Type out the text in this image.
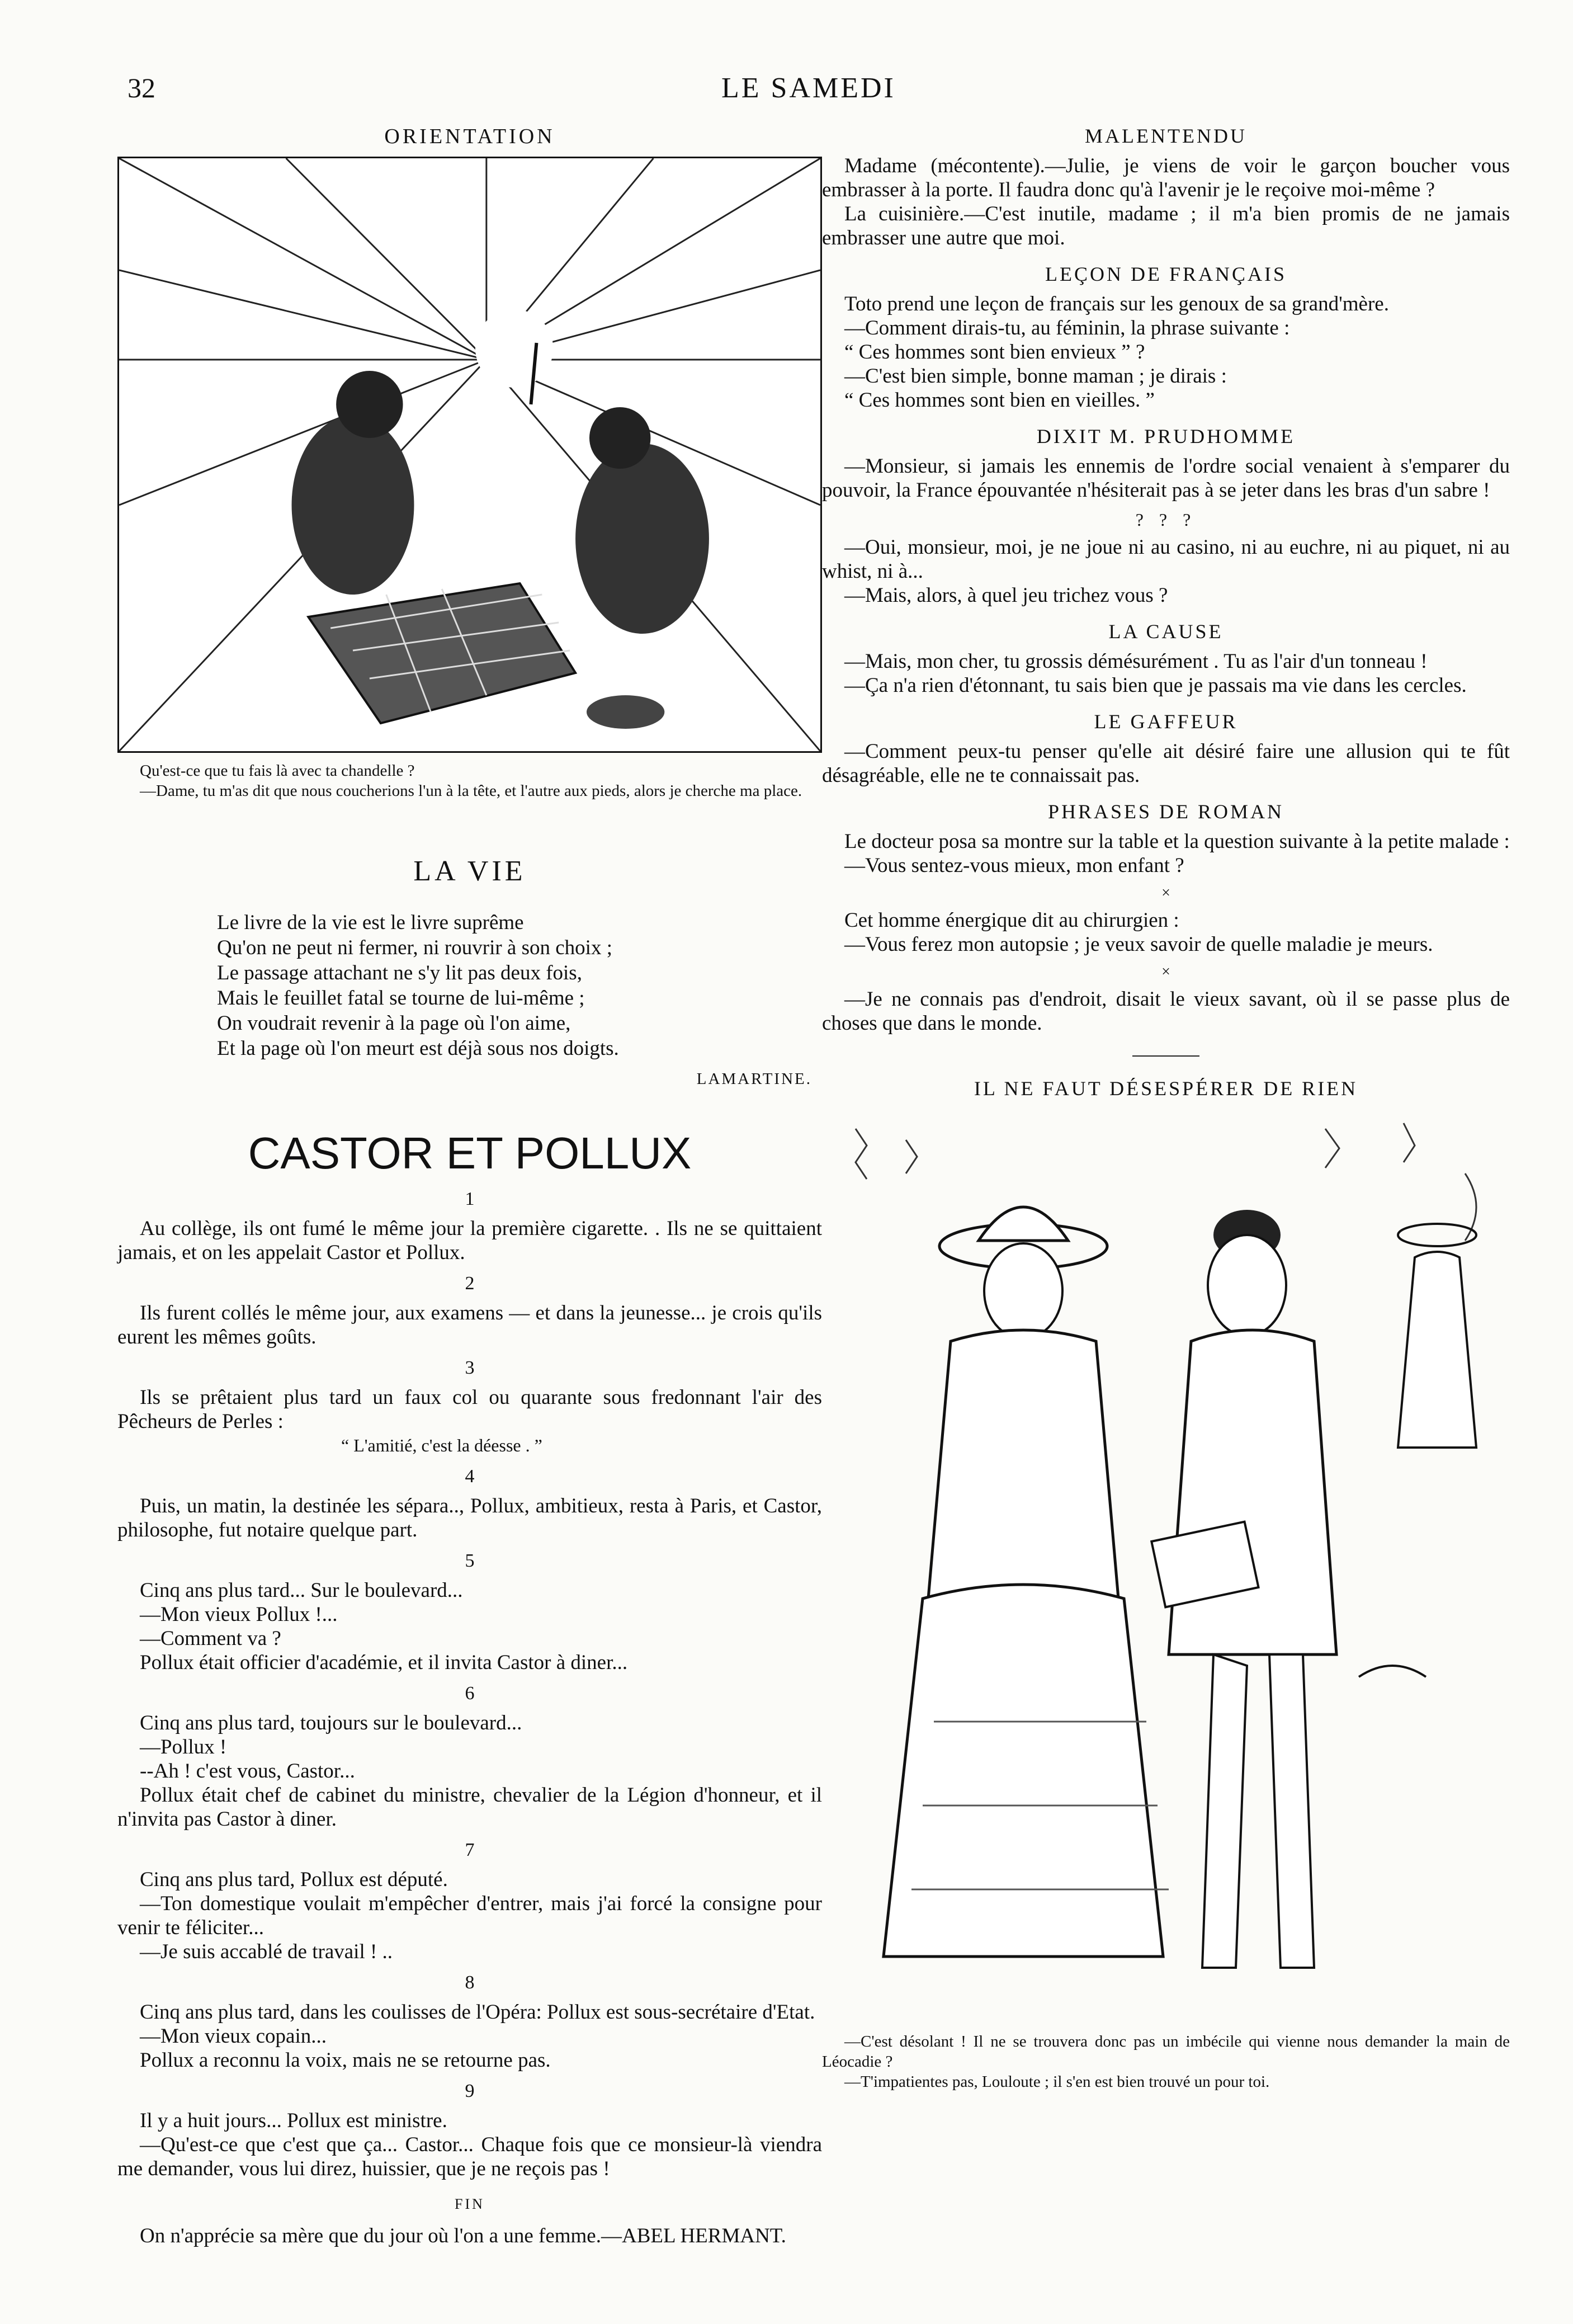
32	LE SAMEDI
ORIENTATION

Qu'est-ce que tu fais là avec ta chandelle ?

—Dame, tu m'as dit que nous coucherions l'un à la tête, et l'autre aux pieds, alors je cherche ma place.

LA VIE

Le livre de la vie est le livre suprême

Qu'on ne peut ni fermer, ni rouvrir à son choix ;

Le passage attachant ne s'y lit pas deux fois,

Mais le feuillet fatal se tourne de lui-même ;

On voudrait revenir à la page où l'on aime,

Et la page où l'on meurt est déjà sous nos doigts.

LAMARTINE.
CASTOR ET POLLUX
1

Au collège, ils ont fumé le même jour la première cigarette. . Ils ne se quittaient jamais, et on les appelait Castor et Pollux.

2

Ils furent collés le même jour, aux examens — et dans la jeunesse... je crois qu'ils eurent les mêmes goûts.

3

Ils se prêtaient plus tard un faux col ou quarante sous fredonnant l'air des Pêcheurs de Perles :

“ L'amitié, c'est la déesse . ”

4

Puis, un matin, la destinée les sépara.., Pollux, ambitieux, resta à Paris, et Castor, philosophe, fut notaire quelque part.

5

Cinq ans plus tard... Sur le boulevard...

—Mon vieux Pollux !...

—Comment va ?

Pollux était officier d'académie, et il invita Castor à diner...

6

Cinq ans plus tard, toujours sur le boulevard...

—Pollux !

--Ah ! c'est vous, Castor...

Pollux était chef de cabinet du ministre, chevalier de la Légion d'honneur, et il n'invita pas Castor à diner.

7

Cinq ans plus tard, Pollux est député.

—Ton domestique voulait m'empêcher d'entrer, mais j'ai forcé la consigne pour venir te féliciter...

—Je suis accablé de travail ! ..

8

Cinq ans plus tard, dans les coulisses de l'Opéra: Pollux est sous-secrétaire d'Etat.

—Mon vieux copain...

Pollux a reconnu la voix, mais ne se retourne pas.

9

Il y a huit jours... Pollux est ministre.

—Qu'est-ce que c'est que ça... Castor... Chaque fois que ce monsieur-là viendra me demander, vous lui direz, huissier, que je ne reçois pas !

FIN

On n'apprécie sa mère que du jour où l'on a une femme.—ABEL HERMANT.

MALENTENDU

Madame (mécontente).—Julie, je viens de voir le garçon boucher vous embrasser à la porte. Il faudra donc qu'à l'avenir je le reçoive moi-même ?

La cuisinière.—C'est inutile, madame ; il m'a bien promis de ne jamais embrasser une autre que moi.

LEÇON DE FRANÇAIS

Toto prend une leçon de français sur les genoux de sa grand'mère.

—Comment dirais-tu, au féminin, la phrase suivante :

“ Ces hommes sont bien envieux ” ?

—C'est bien simple, bonne maman ; je dirais :

“ Ces hommes sont bien en vieilles. ”

DIXIT M. PRUDHOMME

—Monsieur, si jamais les ennemis de l'ordre social venaient à s'emparer du pouvoir, la France épouvantée n'hésiterait pas à se jeter dans les bras d'un sabre !

? ? ?

—Oui, monsieur, moi, je ne joue ni au casino, ni au euchre, ni au piquet, ni au whist, ni à...

—Mais, alors, à quel jeu trichez vous ?

LA CAUSE

—Mais, mon cher, tu grossis démésurément . Tu as l'air d'un tonneau !

—Ça n'a rien d'étonnant, tu sais bien que je passais ma vie dans les cercles.

LE GAFFEUR

—Comment peux-tu penser qu'elle ait désiré faire une allusion qui te fût désagréable, elle ne te connaissait pas.

PHRASES DE ROMAN

Le docteur posa sa montre sur la table et la question suivante à la petite malade :

—Vous sentez-vous mieux, mon enfant ?

×

Cet homme énergique dit au chirurgien :

—Vous ferez mon autopsie ; je veux savoir de quelle maladie je meurs.

×

—Je ne connais pas d'endroit, disait le vieux savant, où il se passe plus de choses que dans le monde.

IL NE FAUT DÉSESPÉRER DE RIEN

—C'est désolant ! Il ne se trouvera donc pas un imbécile qui vienne nous demander la main de Léocadie ?

—T'impatientes pas, Louloute ; il s'en est bien trouvé un pour toi.
